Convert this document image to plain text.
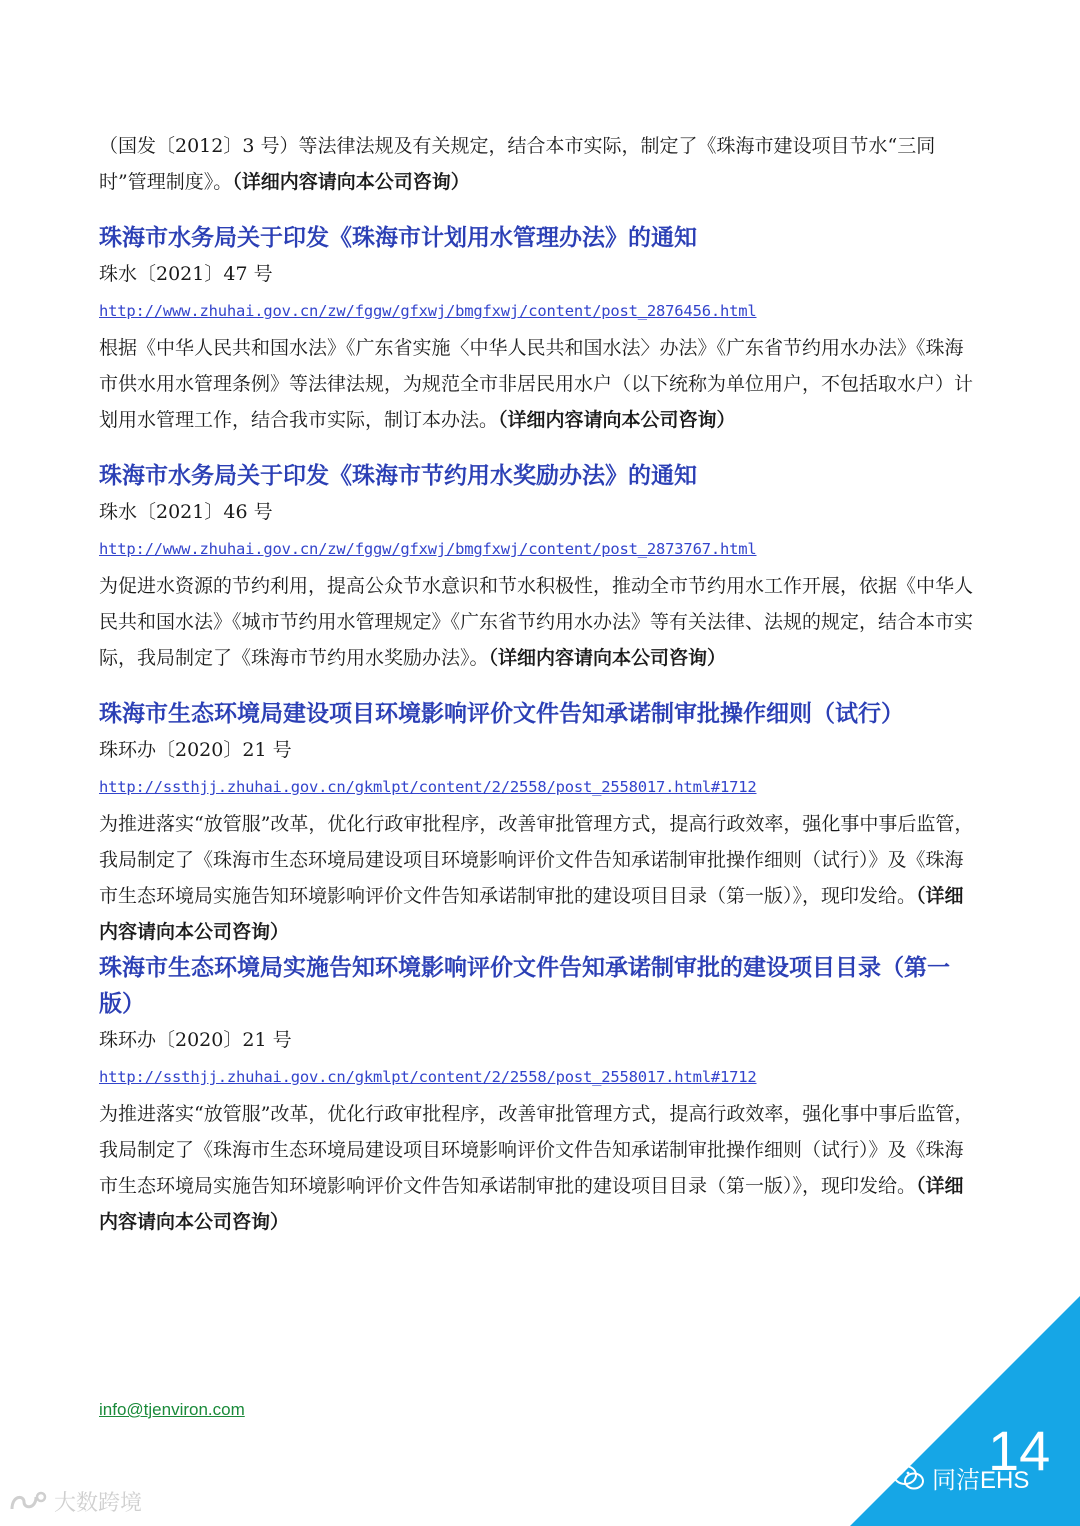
（国发〔2012〕3 号）等法律法规及有关规定，结合本市实际，制定了《珠海市建设项目节水“三同时”管理制度》。（详细内容请向本公司咨询）

珠海市水务局关于印发《珠海市计划用水管理办法》的通知

珠水〔2021〕47 号

http://www.zhuhai.gov.cn/zw/fggw/gfxwj/bmgfxwj/content/post_2876456.html

根据《中华人民共和国水法》《广东省实施〈中华人民共和国水法〉办法》《广东省节约用水办法》《珠海市供水用水管理条例》等法律法规，为规范全市非居民用水户（以下统称为单位用户，不包括取水户）计划用水管理工作，结合我市实际，制订本办法。（详细内容请向本公司咨询）

珠海市水务局关于印发《珠海市节约用水奖励办法》的通知

珠水〔2021〕46 号

http://www.zhuhai.gov.cn/zw/fggw/gfxwj/bmgfxwj/content/post_2873767.html

为促进水资源的节约利用，提高公众节水意识和节水积极性，推动全市节约用水工作开展，依据《中华人民共和国水法》《城市节约用水管理规定》《广东省节约用水办法》等有关法律、法规的规定，结合本市实际，我局制定了《珠海市节约用水奖励办法》。（详细内容请向本公司咨询）

珠海市生态环境局建设项目环境影响评价文件告知承诺制审批操作细则（试行）

珠环办〔2020〕21 号

http://ssthjj.zhuhai.gov.cn/gkmlpt/content/2/2558/post_2558017.html#1712

为推进落实“放管服”改革，优化行政审批程序，改善审批管理方式，提高行政效率，强化事中事后监管，我局制定了《珠海市生态环境局建设项目环境影响评价文件告知承诺制审批操作细则（试行）》及《珠海市生态环境局实施告知环境影响评价文件告知承诺制审批的建设项目目录（第一版）》，现印发给。（详细内容请向本公司咨询）

珠海市生态环境局实施告知环境影响评价文件告知承诺制审批的建设项目目录（第一版）

珠环办〔2020〕21 号

http://ssthjj.zhuhai.gov.cn/gkmlpt/content/2/2558/post_2558017.html#1712

为推进落实“放管服”改革，优化行政审批程序，改善审批管理方式，提高行政效率，强化事中事后监管，我局制定了《珠海市生态环境局建设项目环境影响评价文件告知承诺制审批操作细则（试行）》及《珠海市生态环境局实施告知环境影响评价文件告知承诺制审批的建设项目目录（第一版）》，现印发给。（详细内容请向本公司咨询）

info@tjenviron.com
14
同洁EHS
大数跨境
